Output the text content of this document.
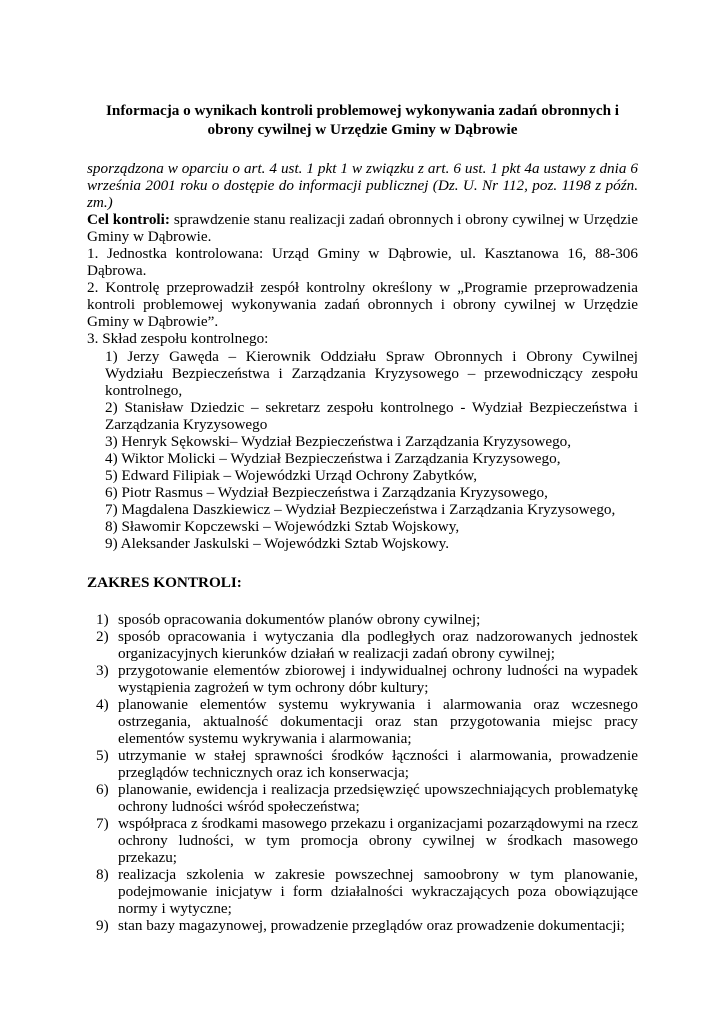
Informacja o wynikach kontroli problemowej wykonywania zadań obronnych i obrony cywilnej w Urzędzie Gminy w Dąbrowie

sporządzona w oparciu o art. 4 ust. 1 pkt 1 w związku z art. 6 ust. 1 pkt 4a ustawy z dnia 6 września 2001 roku o dostępie do informacji publicznej (Dz. U. Nr 112, poz. 1198 z późn. zm.)

Cel kontroli: sprawdzenie stanu realizacji zadań obronnych i obrony cywilnej w Urzędzie Gminy w Dąbrowie.

1. Jednostka kontrolowana: Urząd Gminy w Dąbrowie, ul. Kasztanowa 16, 88-306 Dąbrowa.

2. Kontrolę przeprowadził zespół kontrolny określony w „Programie przeprowadzenia kontroli problemowej wykonywania zadań obronnych i obrony cywilnej w Urzędzie Gminy w Dąbrowie”.

3. Skład zespołu kontrolnego:

1) Jerzy Gawęda – Kierownik Oddziału Spraw Obronnych i Obrony Cywilnej Wydziału Bezpieczeństwa i Zarządzania Kryzysowego – przewodniczący zespołu kontrolnego,
2) Stanisław Dziedzic – sekretarz zespołu kontrolnego - Wydział Bezpieczeństwa i Zarządzania Kryzysowego
3) Henryk Sękowski– Wydział Bezpieczeństwa i Zarządzania Kryzysowego,
4) Wiktor Molicki – Wydział Bezpieczeństwa i Zarządzania Kryzysowego,
5) Edward Filipiak – Wojewódzki Urząd Ochrony Zabytków,
6) Piotr Rasmus – Wydział Bezpieczeństwa i Zarządzania Kryzysowego,
7) Magdalena Daszkiewicz – Wydział Bezpieczeństwa i Zarządzania Kryzysowego,
8) Sławomir Kopczewski – Wojewódzki Sztab Wojskowy,
9) Aleksander Jaskulski – Wojewódzki Sztab Wojskowy.

ZAKRES KONTROLI:

1) sposób opracowania dokumentów planów obrony cywilnej;
2) sposób opracowania i wytyczania dla podległych oraz nadzorowanych jednostek organizacyjnych kierunków działań w realizacji zadań obrony cywilnej;
3) przygotowanie elementów zbiorowej i indywidualnej ochrony ludności na wypadek wystąpienia zagrożeń w tym ochrony dóbr kultury;
4) planowanie elementów systemu wykrywania i alarmowania oraz wczesnego ostrzegania, aktualność dokumentacji oraz stan przygotowania miejsc pracy elementów systemu wykrywania i alarmowania;
5) utrzymanie w stałej sprawności środków łączności i alarmowania, prowadzenie przeglądów technicznych oraz ich konserwacja;
6) planowanie, ewidencja i realizacja przedsięwzięć upowszechniających problematykę ochrony ludności wśród społeczeństwa;
7) współpraca z środkami masowego przekazu i organizacjami pozarządowymi na rzecz ochrony ludności, w tym promocja obrony cywilnej w środkach masowego przekazu;
8) realizacja szkolenia w zakresie powszechnej samoobrony w tym planowanie, podejmowanie inicjatyw i form działalności wykraczających poza obowiązujące normy i wytyczne;
9) stan bazy magazynowej, prowadzenie przeglądów oraz prowadzenie dokumentacji;
